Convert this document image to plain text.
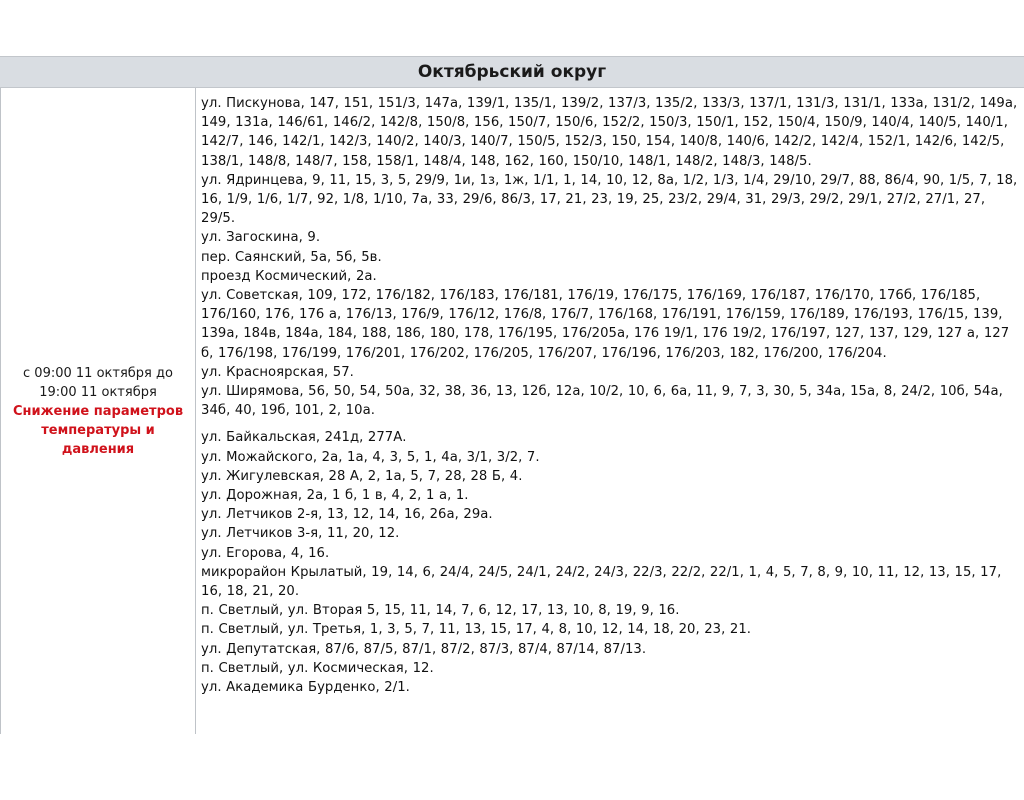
Октябрьский округ
с 09:00 11 октября до
19:00 11 октября
Снижение параметров температуры и давления

ул. Пискунова, 147, 151, 151/3, 147а, 139/1, 135/1, 139/2, 137/3, 135/2, 133/3, 137/1, 131/3, 131/1, 133а, 131/2, 149а, 149, 131а, 146/61, 146/2, 142/8, 150/8, 156, 150/7, 150/6, 152/2, 150/3, 150/1, 152, 150/4, 150/9, 140/4, 140/5, 140/1, 142/7, 146, 142/1, 142/3, 140/2, 140/3, 140/7, 150/5, 152/3, 150, 154, 140/8, 140/6, 142/2, 142/4, 152/1, 142/6, 142/5, 138/1, 148/8, 148/7, 158, 158/1, 148/4, 148, 162, 160, 150/10, 148/1, 148/2, 148/3, 148/5.

ул. Ядринцева, 9, 11, 15, 3, 5, 29/9, 1и, 1з, 1ж, 1/1, 1, 14, 10, 12, 8а, 1/2, 1/3, 1/4, 29/10, 29/7, 88, 86/4, 90, 1/5, 7, 18, 16, 1/9, 1/6, 1/7, 92, 1/8, 1/10, 7а, 33, 29/6, 86/3, 17, 21, 23, 19, 25, 23/2, 29/4, 31, 29/3, 29/2, 29/1, 27/2, 27/1, 27, 29/5.

ул. Загоскина, 9.

пер. Саянский, 5а, 5б, 5в.

проезд Космический, 2а.

ул. Советская, 109, 172, 176/182, 176/183, 176/181, 176/19, 176/175, 176/169, 176/187, 176/170, 176б, 176/185, 176/160, 176, 176 а, 176/13, 176/9, 176/12, 176/8, 176/7, 176/168, 176/191, 176/159, 176/189, 176/193, 176/15, 139, 139а, 184в, 184а, 184, 188, 186, 180, 178, 176/195, 176/205а, 176 19/1, 176 19/2, 176/197, 127, 137, 129, 127 а, 127 б, 176/198, 176/199, 176/201, 176/202, 176/205, 176/207, 176/196, 176/203, 182, 176/200, 176/204.

ул. Красноярская, 57.

ул. Ширямова, 56, 50, 54, 50а, 32, 38, 36, 13, 12б, 12а, 10/2, 10, 6, 6а, 11, 9, 7, 3, 30, 5, 34а, 15а, 8, 24/2, 10б, 54а, 34б, 40, 19б, 101, 2, 10а.

ул. Байкальская, 241д, 277А.

ул. Можайского, 2а, 1а, 4, 3, 5, 1, 4а, 3/1, 3/2, 7.

ул. Жигулевская, 28 А, 2, 1а, 5, 7, 28, 28 Б, 4.

ул. Дорожная, 2а, 1 б, 1 в, 4, 2, 1 а, 1.

ул. Летчиков 2-я, 13, 12, 14, 16, 26а, 29а.

ул. Летчиков 3-я, 11, 20, 12.

ул. Егорова, 4, 16.

микрорайон Крылатый, 19, 14, 6, 24/4, 24/5, 24/1, 24/2, 24/3, 22/3, 22/2, 22/1, 1, 4, 5, 7, 8, 9, 10, 11, 12, 13, 15, 17, 16, 18, 21, 20.

п. Светлый, ул. Вторая 5, 15, 11, 14, 7, 6, 12, 17, 13, 10, 8, 19, 9, 16.

п. Светлый, ул. Третья, 1, 3, 5, 7, 11, 13, 15, 17, 4, 8, 10, 12, 14, 18, 20, 23, 21.

ул. Депутатская, 87/6, 87/5, 87/1, 87/2, 87/3, 87/4, 87/14, 87/13.

п. Светлый, ул. Космическая, 12.

ул. Академика Бурденко, 2/1.
